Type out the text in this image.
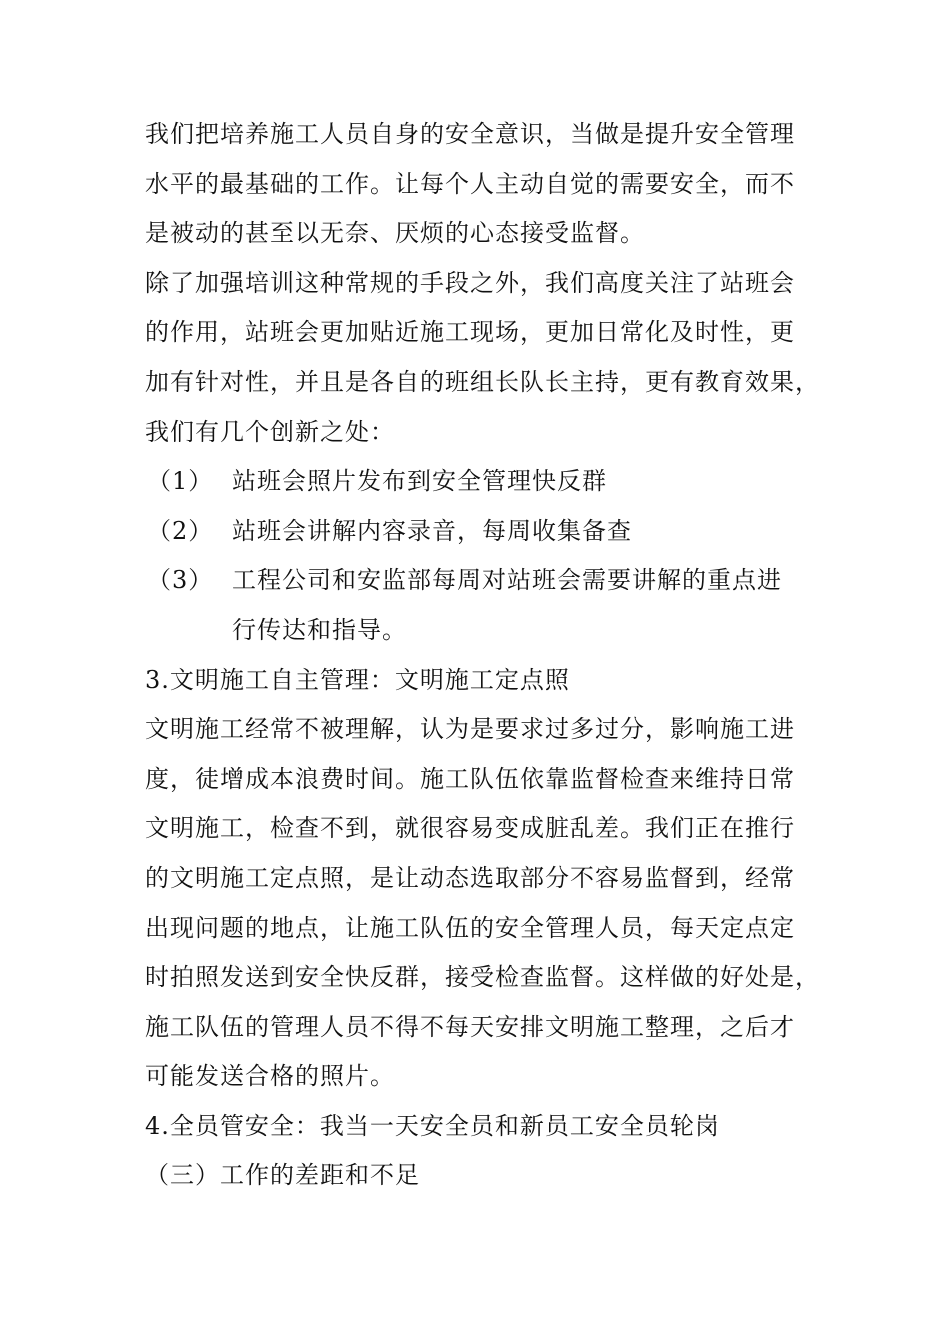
我们把培养施工人员自身的安全意识，当做是提升安全管理
水平的最基础的工作。让每个人主动自觉的需要安全，而不
是被动的甚至以无奈、厌烦的心态接受监督。
除了加强培训这种常规的手段之外，我们高度关注了站班会
的作用，站班会更加贴近施工现场，更加日常化及时性，更
加有针对性，并且是各自的班组长队长主持，更有教育效果，
我们有几个创新之处：
（1） 站班会照片发布到安全管理快反群
（2） 站班会讲解内容录音，每周收集备查
（3） 工程公司和安监部每周对站班会需要讲解的重点进
行传达和指导。
3.文明施工自主管理：文明施工定点照
文明施工经常不被理解，认为是要求过多过分，影响施工进
度，徒增成本浪费时间。施工队伍依靠监督检查来维持日常
文明施工，检查不到，就很容易变成脏乱差。我们正在推行
的文明施工定点照，是让动态选取部分不容易监督到，经常
出现问题的地点，让施工队伍的安全管理人员，每天定点定
时拍照发送到安全快反群，接受检查监督。这样做的好处是，
施工队伍的管理人员不得不每天安排文明施工整理，之后才
可能发送合格的照片。
4.全员管安全：我当一天安全员和新员工安全员轮岗
（三）工作的差距和不足
